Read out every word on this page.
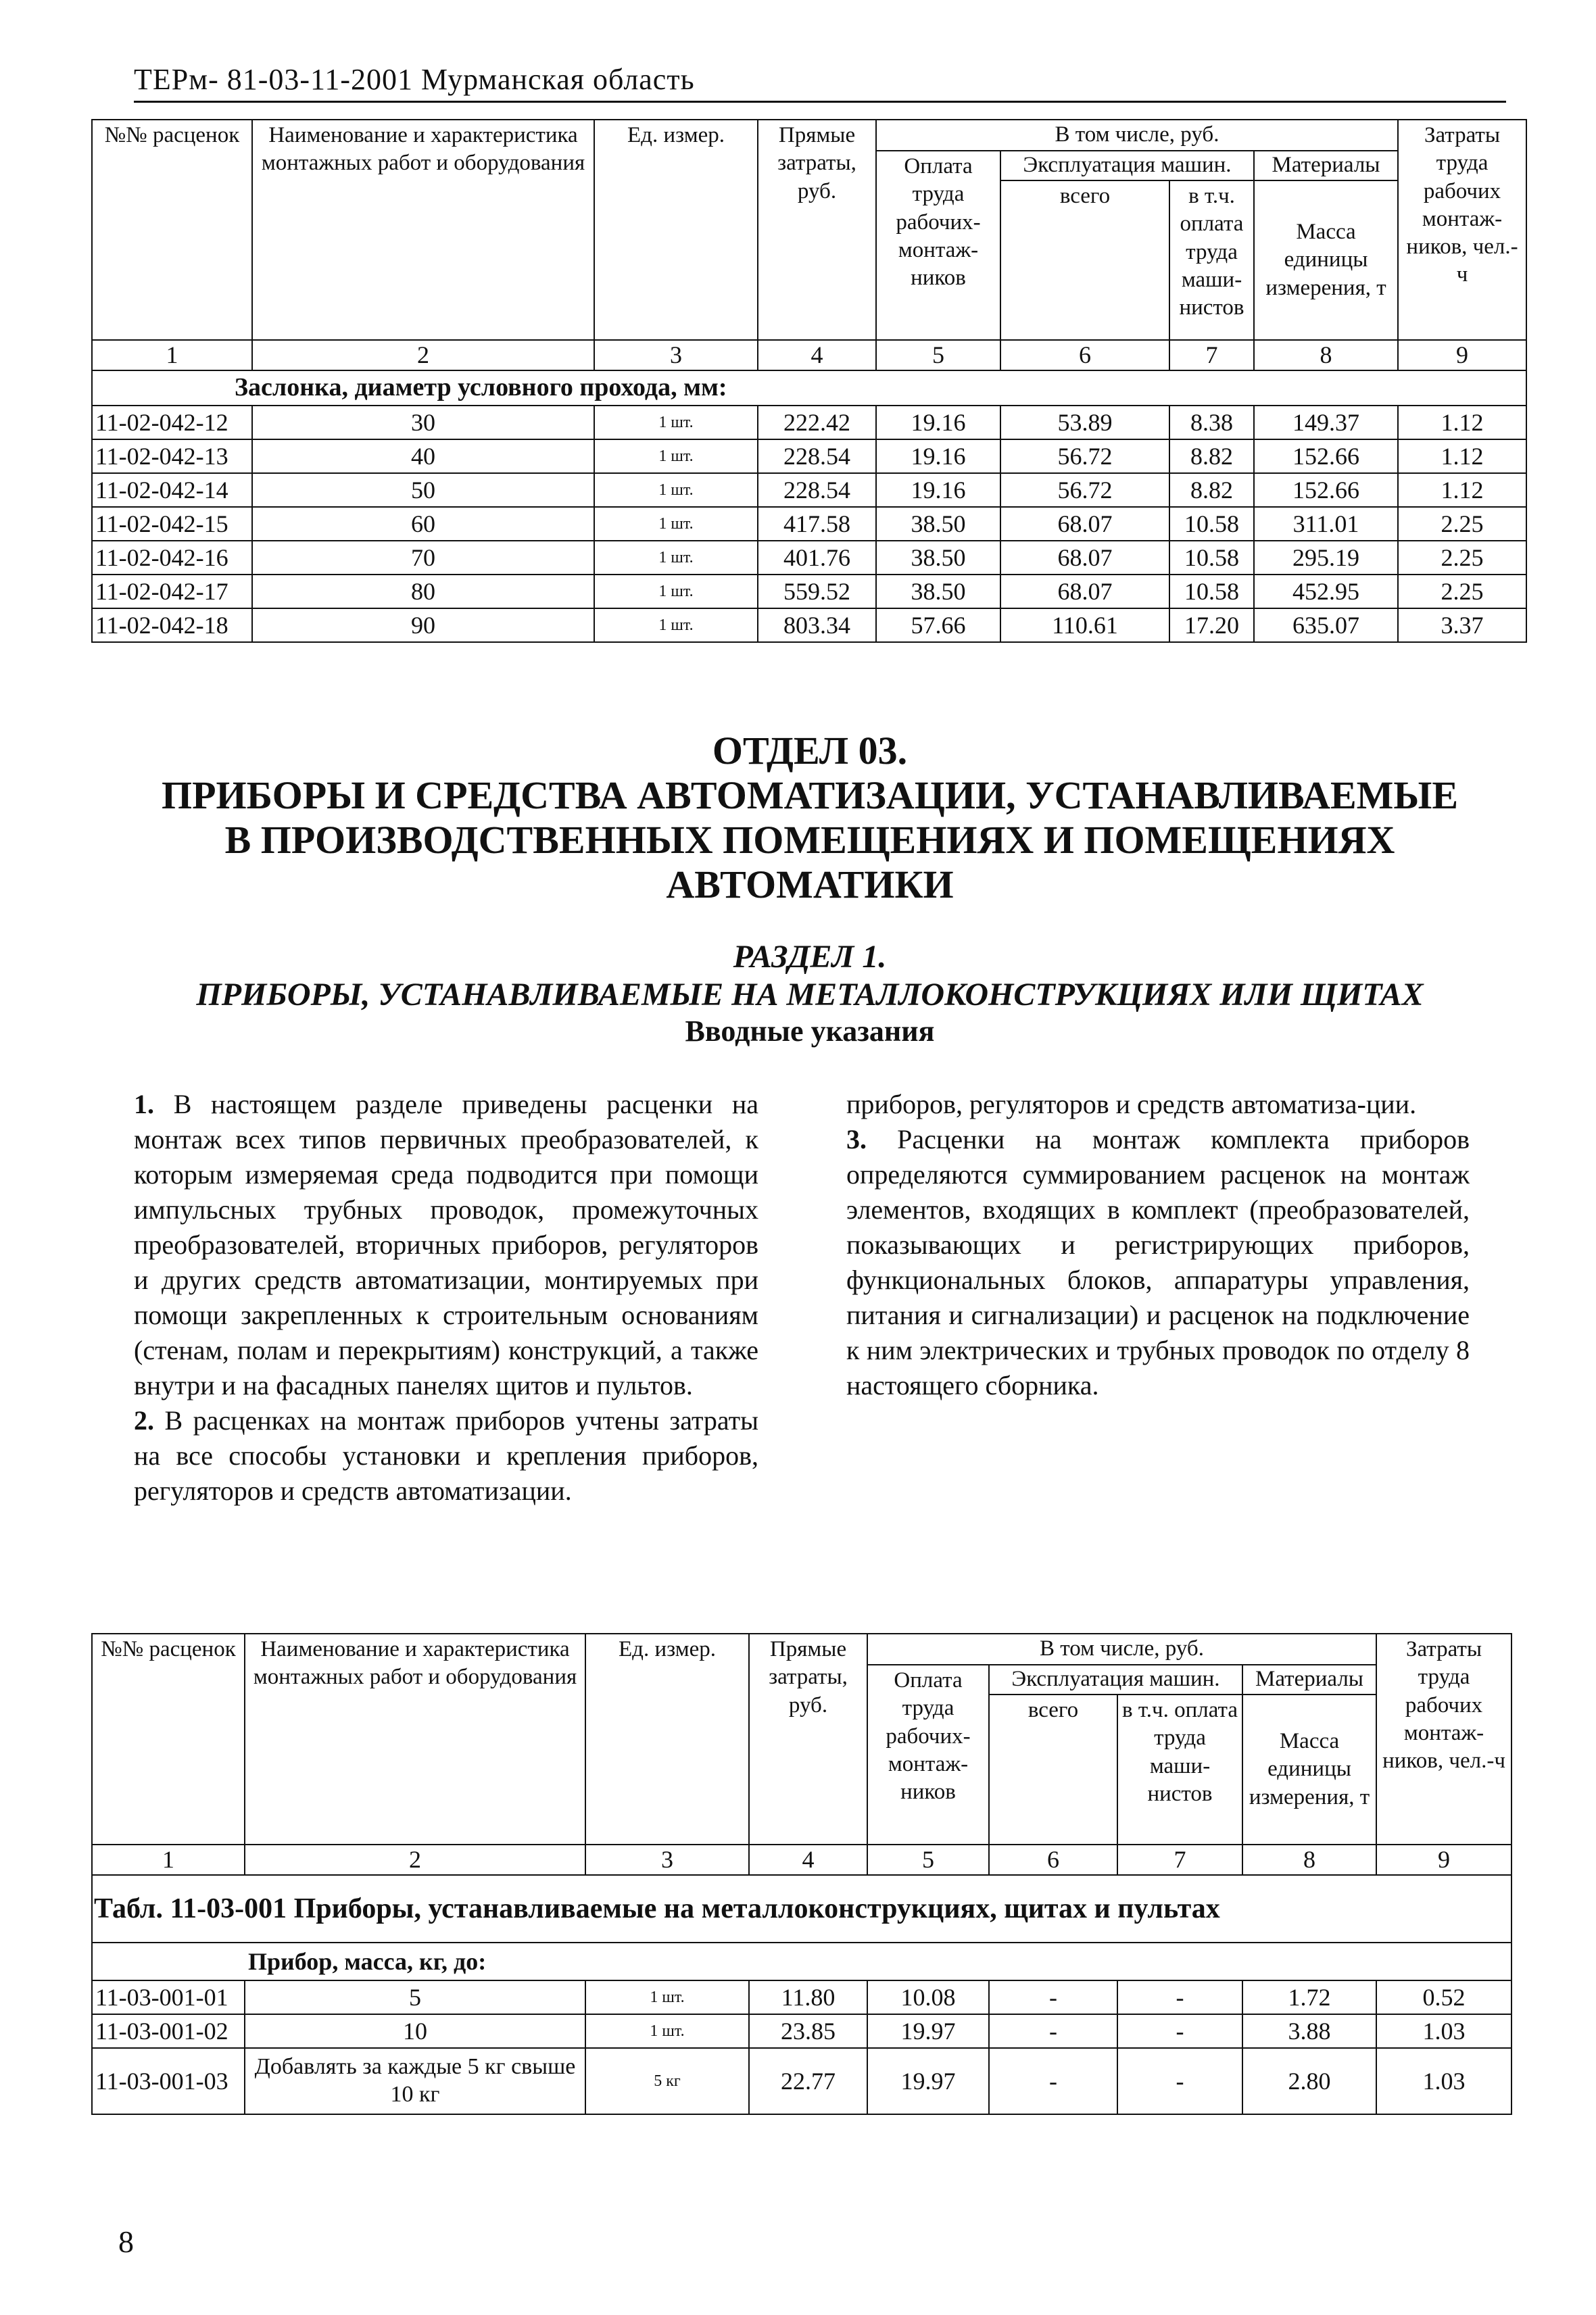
ТЕРм- 81-03-11-2001 Мурманская область
№№ расценок	Наименование и характеристика монтажных работ и оборудования	Ед. измер.	Прямые затраты, руб.	В том числе, руб.				Затраты труда рабочих монтаж-ников, чел.-ч
				Оплата труда рабочих-монтаж-ников	Эксплуатация машин.		Материалы	
					всего	в т.ч. оплата труда маши-нистов	Масса единицы измерения, т	
1	2	3	4	5	6	7	8	9
Заслонка, диаметр условного прохода, мм:								
11-02-042-12	30	1 шт.	222.42	19.16	53.89	8.38	149.37	1.12
11-02-042-13	40	1 шт.	228.54	19.16	56.72	8.82	152.66	1.12
11-02-042-14	50	1 шт.	228.54	19.16	56.72	8.82	152.66	1.12
11-02-042-15	60	1 шт.	417.58	38.50	68.07	10.58	311.01	2.25
11-02-042-16	70	1 шт.	401.76	38.50	68.07	10.58	295.19	2.25
11-02-042-17	80	1 шт.	559.52	38.50	68.07	10.58	452.95	2.25
11-02-042-18	90	1 шт.	803.34	57.66	110.61	17.20	635.07	3.37
ОТДЕЛ 03.
ПРИБОРЫ И СРЕДСТВА АВТОМАТИЗАЦИИ, УСТАНАВЛИВАЕМЫЕ
В ПРОИЗВОДСТВЕННЫХ ПОМЕЩЕНИЯХ И ПОМЕЩЕНИЯХ
АВТОМАТИКИ
РАЗДЕЛ 1.
ПРИБОРЫ, УСТАНАВЛИВАЕМЫЕ НА МЕТАЛЛОКОНСТРУКЦИЯХ ИЛИ ЩИТАХ
Вводные указания

1. В настоящем разделе приведены расценки на монтаж всех типов первичных преобразователей, к которым измеряемая среда подводится при помощи импульсных трубных проводок, промежуточных преобразователей, вторичных приборов, регуляторов и других средств автоматизации, монтируемых при помощи закрепленных к строительным основаниям (стенам, полам и перекрытиям) конструкций, а также внутри и на фасадных панелях щитов и пультов.

2. В расценках на монтаж приборов учтены затраты на все способы установки и крепления приборов, регуляторов и средств автоматизации.

приборов, регуляторов и средств автоматиза-ции.

3. Расценки на монтаж комплекта приборов определяются суммированием расценок на монтаж элементов, входящих в комплект (преобразователей, показывающих и регистрирующих приборов, функциональных блоков, аппаратуры управления, питания и сигнализации) и расценок на подключение к ним электрических и трубных проводок по отделу 8 настоящего сборника.

№№ расценок	Наименование и характеристика монтажных работ и оборудования	Ед. измер.	Прямые затраты, руб.	В том числе, руб.				Затраты труда рабочих монтаж-ников, чел.-ч
				Оплата труда рабочих-монтаж-ников	Эксплуатация машин.		Материалы	
					всего	в т.ч. оплата труда маши-нистов	Масса единицы измерения, т	
1	2	3	4	5	6	7	8	9
Табл. 11-03-001 Приборы, устанавливаемые на металлоконструкциях, щитах и пультах								
Прибор, масса, кг, до:								
11-03-001-01	5	1 шт.	11.80	10.08	-	-	1.72	0.52
11-03-001-02	10	1 шт.	23.85	19.97	-	-	3.88	1.03
11-03-001-03	Добавлять за каждые 5 кг свыше 10 кг	5 кг	22.77	19.97	-	-	2.80	1.03
8
